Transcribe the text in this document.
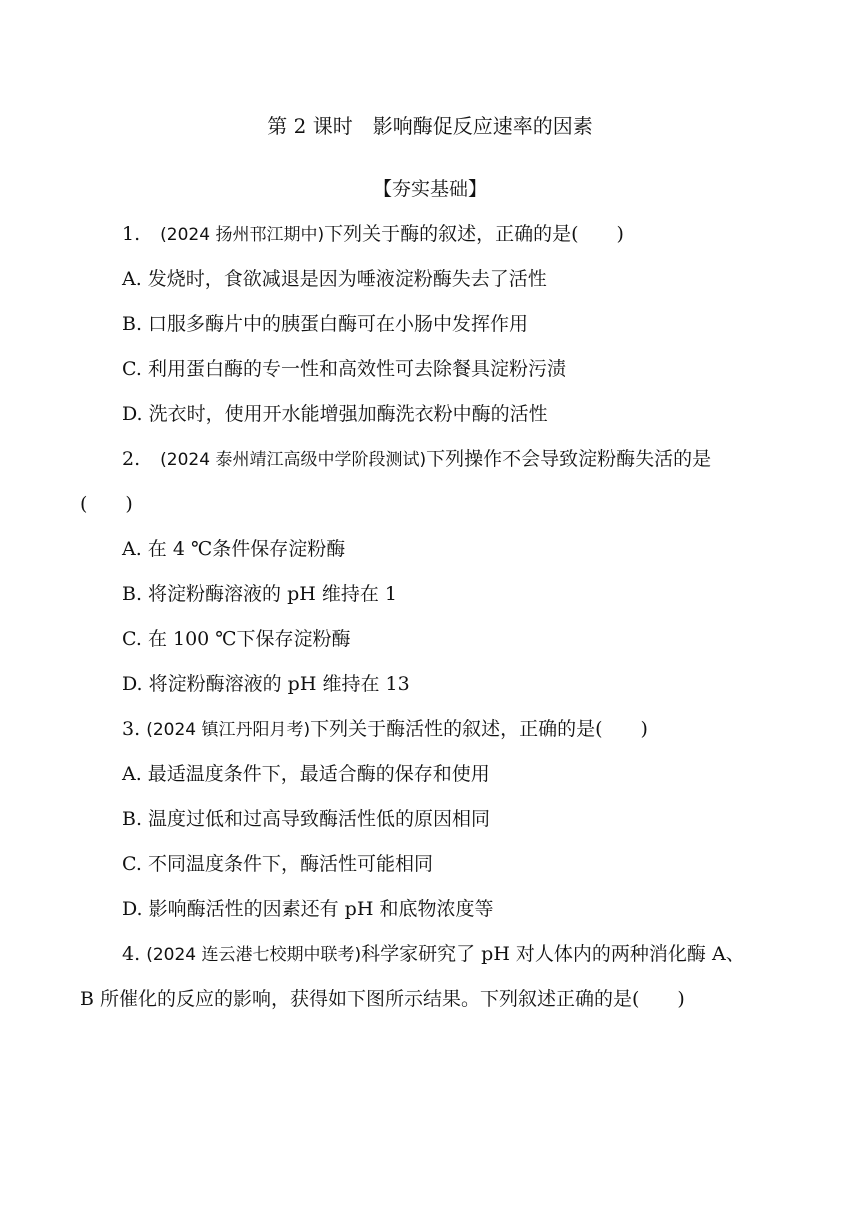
第 2 课时　影响酶促反应速率的因素
【夯实基础】
1. (2024 扬州邗江期中)下列关于酶的叙述，正确的是(　　)
A. 发烧时，食欲减退是因为唾液淀粉酶失去了活性
B. 口服多酶片中的胰蛋白酶可在小肠中发挥作用
C. 利用蛋白酶的专一性和高效性可去除餐具淀粉污渍
D. 洗衣时，使用开水能增强加酶洗衣粉中酶的活性
2. (2024 泰州靖江高级中学阶段测试)下列操作不会导致淀粉酶失活的是
(　　)
A. 在 4 ℃条件保存淀粉酶
B. 将淀粉酶溶液的 pH 维持在 1
C. 在 100 ℃下保存淀粉酶
D. 将淀粉酶溶液的 pH 维持在 13
3. (2024 镇江丹阳月考)下列关于酶活性的叙述，正确的是(　　)
A. 最适温度条件下，最适合酶的保存和使用
B. 温度过低和过高导致酶活性低的原因相同
C. 不同温度条件下，酶活性可能相同
D. 影响酶活性的因素还有 pH 和底物浓度等
4. (2024 连云港七校期中联考)科学家研究了 pH 对人体内的两种消化酶 A、
B 所催化的反应的影响，获得如下图所示结果。下列叙述正确的是(　　)
